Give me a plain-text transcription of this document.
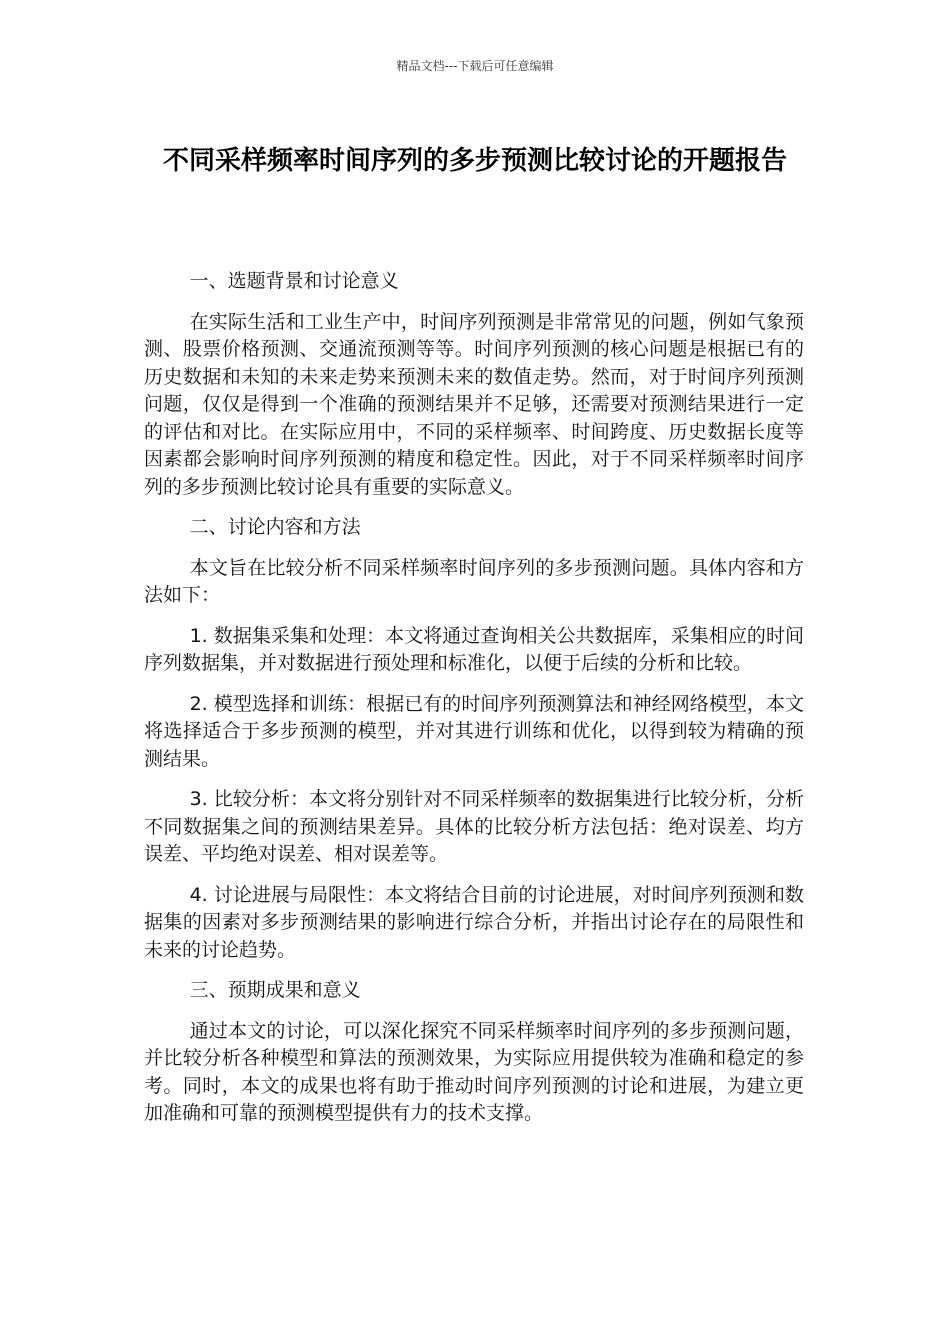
精品文档---下载后可任意编辑
不同采样频率时间序列的多步预测比较讨论的开题报告

一、选题背景和讨论意义

在实际生活和工业生产中，时间序列预测是非常常见的问题，例如气象预测、股票价格预测、交通流预测等等。时间序列预测的核心问题是根据已有的历史数据和未知的未来走势来预测未来的数值走势。然而，对于时间序列预测问题，仅仅是得到一个准确的预测结果并不足够，还需要对预测结果进行一定的评估和对比。在实际应用中，不同的采样频率、时间跨度、历史数据长度等因素都会影响时间序列预测的精度和稳定性。因此，对于不同采样频率时间序列的多步预测比较讨论具有重要的实际意义。

二、讨论内容和方法

本文旨在比较分析不同采样频率时间序列的多步预测问题。具体内容和方法如下：

1. 数据集采集和处理：本文将通过查询相关公共数据库，采集相应的时间序列数据集，并对数据进行预处理和标准化，以便于后续的分析和比较。

2. 模型选择和训练：根据已有的时间序列预测算法和神经网络模型，本文将选择适合于多步预测的模型，并对其进行训练和优化，以得到较为精确的预测结果。

3. 比较分析：本文将分别针对不同采样频率的数据集进行比较分析，分析不同数据集之间的预测结果差异。具体的比较分析方法包括：绝对误差、均方误差、平均绝对误差、相对误差等。

4. 讨论进展与局限性：本文将结合目前的讨论进展，对时间序列预测和数据集的因素对多步预测结果的影响进行综合分析，并指出讨论存在的局限性和未来的讨论趋势。

三、预期成果和意义

通过本文的讨论，可以深化探究不同采样频率时间序列的多步预测问题，并比较分析各种模型和算法的预测效果，为实际应用提供较为准确和稳定的参考。同时，本文的成果也将有助于推动时间序列预测的讨论和进展，为建立更加准确和可靠的预测模型提供有力的技术支撑。
